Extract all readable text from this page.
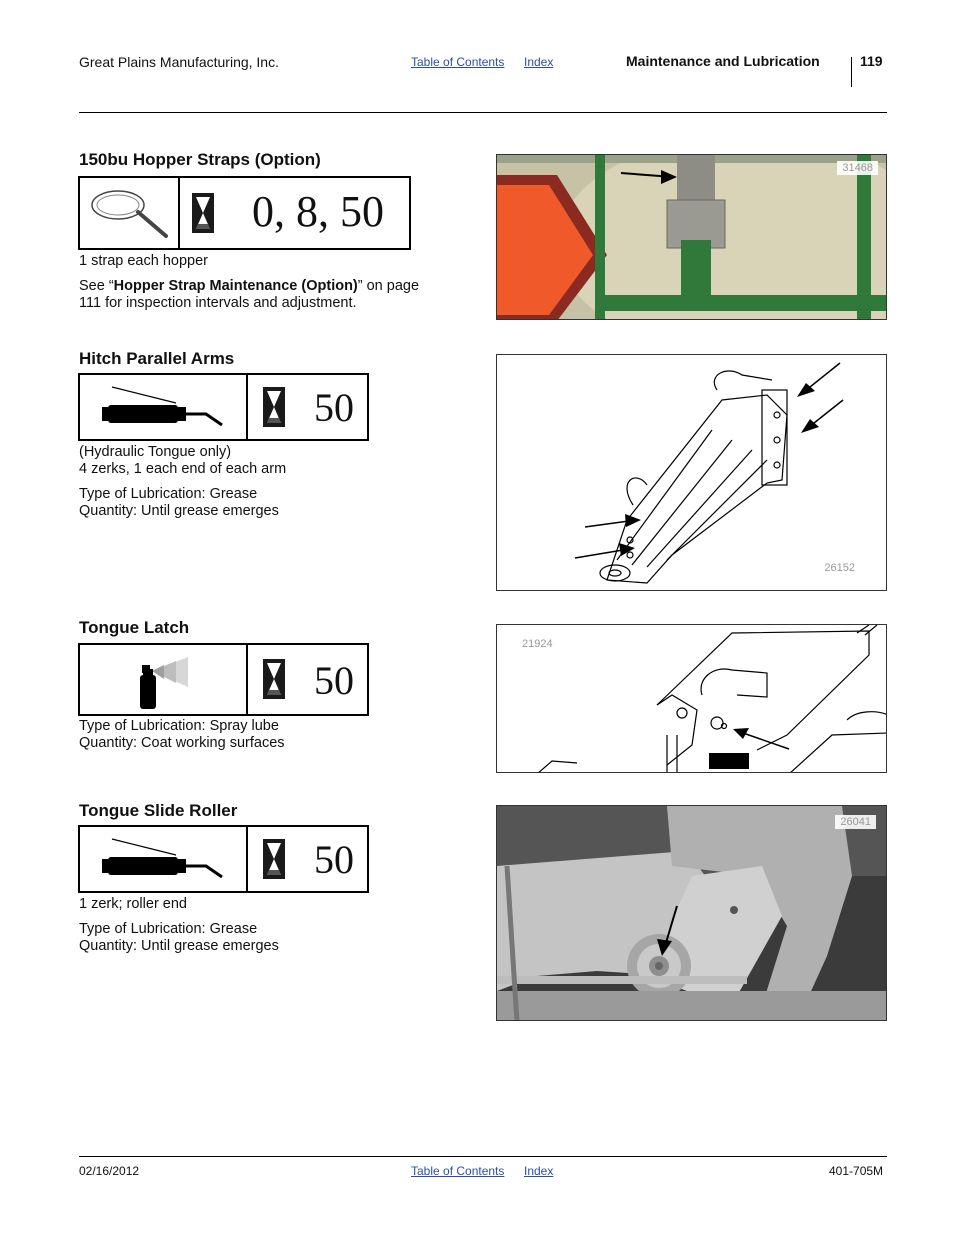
Great Plains Manufacturing, Inc.	Table of Contents Index	Maintenance and Lubrication	119
150bu Hopper Straps (Option)
0, 8, 50
1 strap each hopper
See “Hopper Strap Maintenance (Option)” on page 111 for inspection intervals and adjustment.
31468
Hitch Parallel Arms
50
(Hydraulic Tongue only)
4 zerks, 1 each end of each arm
Type of Lubrication: Grease
Quantity: Until grease emerges
26152
Tongue Latch
50
Type of Lubrication: Spray lube
Quantity: Coat working surfaces
21924
Tongue Slide Roller
50
1 zerk; roller end
Type of Lubrication: Grease
Quantity: Until grease emerges
26041
02/16/2012	Table of Contents Index	401-705M
